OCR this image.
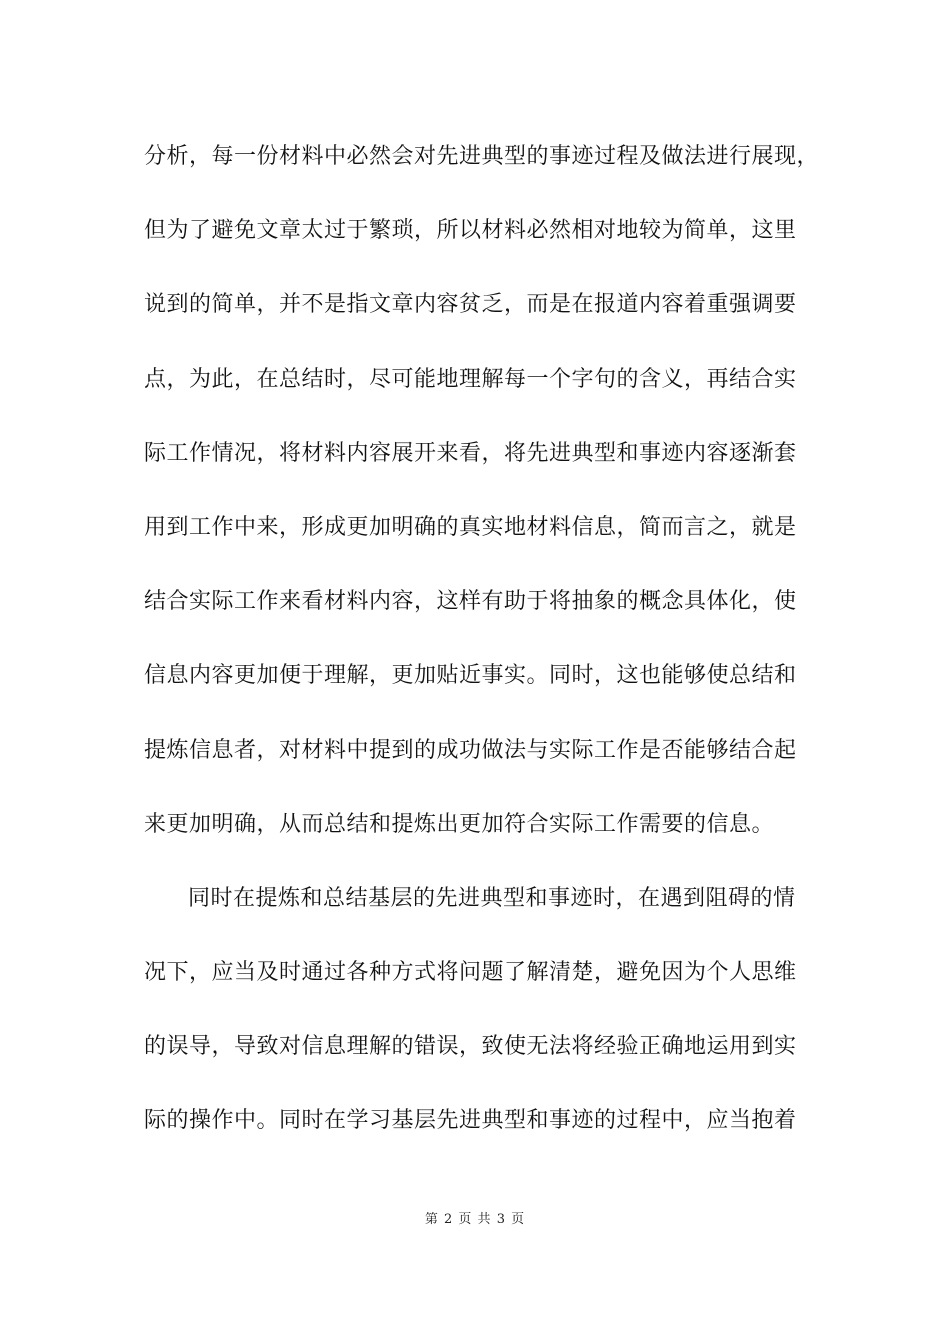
分析，每一份材料中必然会对先进典型的事迹过程及做法进行展现，
但为了避免文章太过于繁琐，所以材料必然相对地较为简单，这里
说到的简单，并不是指文章内容贫乏，而是在报道内容着重强调要
点，为此，在总结时，尽可能地理解每一个字句的含义，再结合实
际工作情况，将材料内容展开来看，将先进典型和事迹内容逐渐套
用到工作中来，形成更加明确的真实地材料信息，简而言之，就是
结合实际工作来看材料内容，这样有助于将抽象的概念具体化，使
信息内容更加便于理解，更加贴近事实。同时，这也能够使总结和
提炼信息者，对材料中提到的成功做法与实际工作是否能够结合起
来更加明确，从而总结和提炼出更加符合实际工作需要的信息。
同时在提炼和总结基层的先进典型和事迹时，在遇到阻碍的情
况下，应当及时通过各种方式将问题了解清楚，避免因为个人思维
的误导，导致对信息理解的错误，致使无法将经验正确地运用到实
际的操作中。同时在学习基层先进典型和事迹的过程中，应当抱着
第 2 页 共 3 页
